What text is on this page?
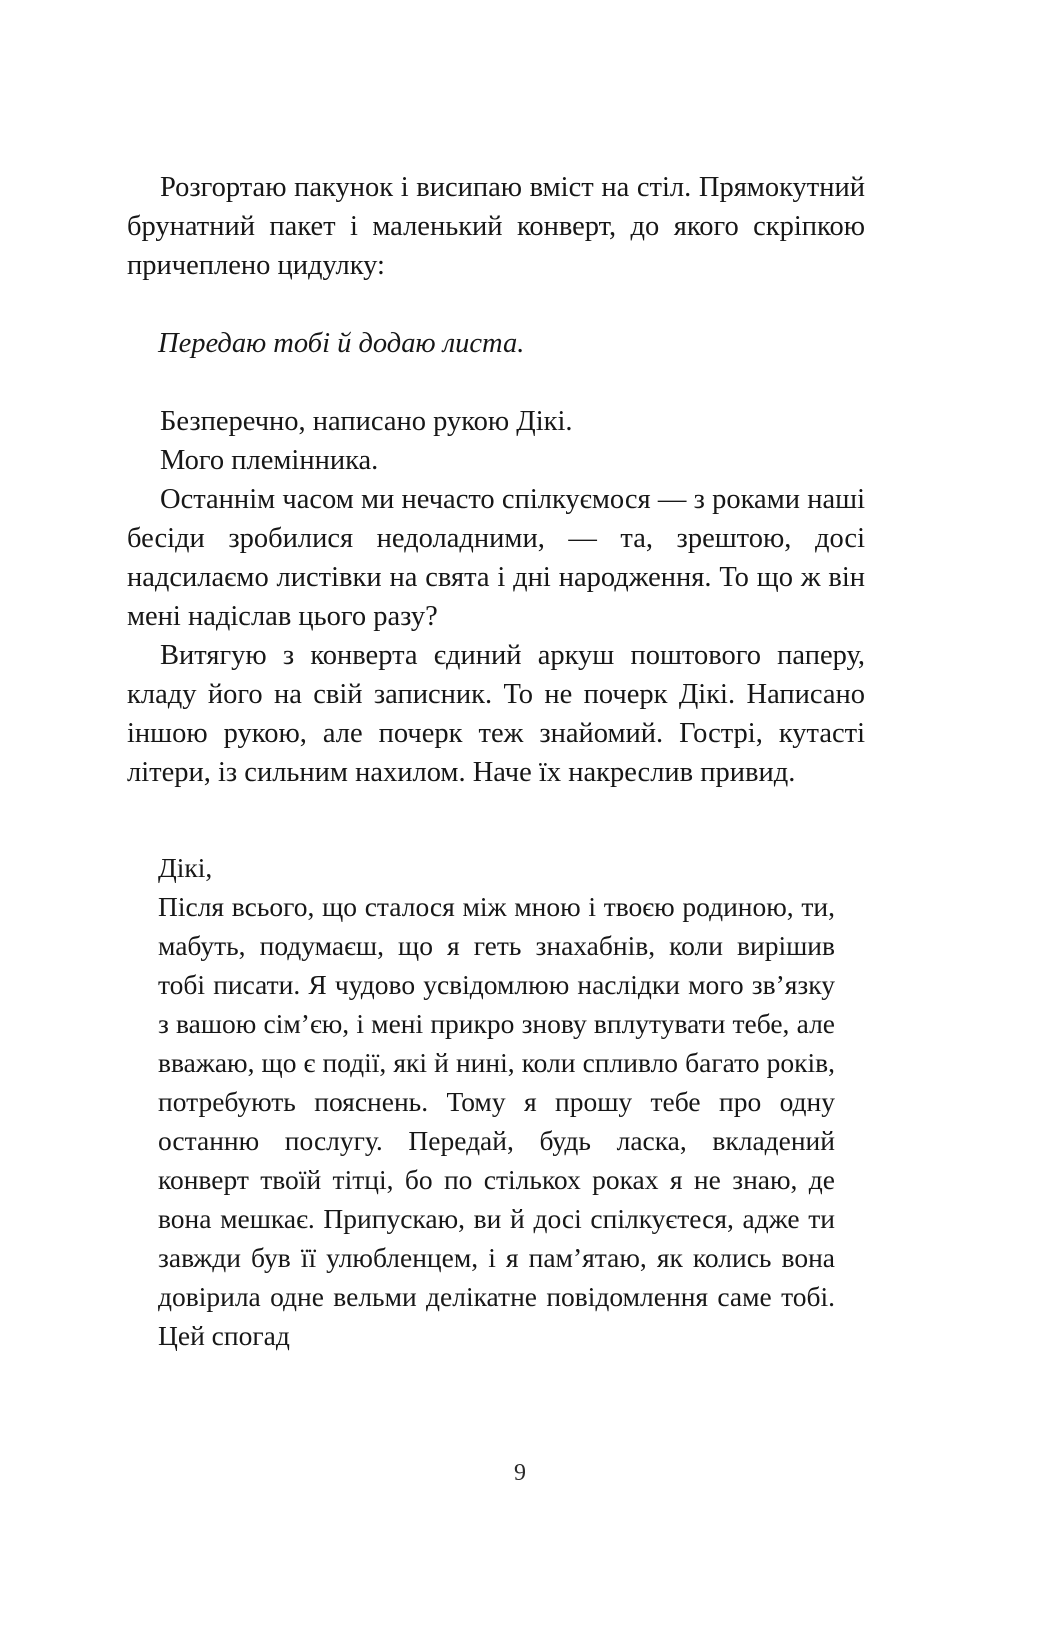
Розгортаю пакунок і висипаю вміст на стіл. Прямокутний брунатний пакет і маленький конверт, до якого скріпкою причеплено цидулку:

Передаю тобі й додаю листа.

Безперечно, написано рукою Дікі.

Мого племінника.

Останнім часом ми нечасто спілкуємося — з роками наші бесіди зробилися недоладними, — та, зрештою, досі надсилаємо листівки на свята і дні народження. То що ж він мені надіслав цього разу?

Витягую з конверта єдиний аркуш поштового паперу, кладу його на свій записник. То не почерк Дікі. Написано іншою рукою, але почерк теж знайомий. Гострі, кутасті літери, із сильним нахилом. Наче їх накреслив привид.

Дікі,

Після всього, що сталося між мною і твоєю родиною, ти, мабуть, подумаєш, що я геть знахабнів, коли вирішив тобі писати. Я чудово усвідомлюю наслідки мого зв’язку з вашою сім’єю, і мені прикро знову вплутувати тебе, але вважаю, що є події, які й нині, коли спливло багато років, потребують пояснень. Тому я прошу тебе про одну останню послугу. Передай, будь ласка, вкладений конверт твоїй тітці, бо по стількох роках я не знаю, де вона мешкає. Припускаю, ви й досі спілкуєтеся, адже ти завжди був її улюбленцем, і я пам’ятаю, як колись вона довірила одне вельми делікатне повідомлення саме тобі. Цей спогад

9
